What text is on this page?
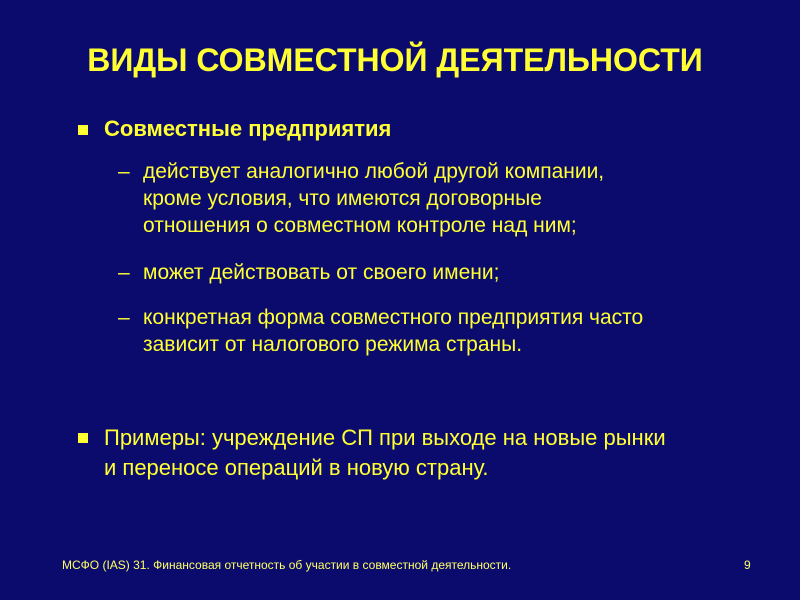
ВИДЫ СОВМЕСТНОЙ ДЕЯТЕЛЬНОСТИ
Совместные предприятия
– действует аналогично любой другой компании,
кроме условия, что имеются договорные
отношения о совместном контроле над ним;
– может действовать от своего имени;
– конкретная форма совместного предприятия часто
зависит от налогового режима страны.
Примеры: учреждение СП при выходе на новые рынки
и переносе операций в новую страну.
МСФО (IAS) 31. Финансовая отчетность об участии в совместной деятельности.	9
